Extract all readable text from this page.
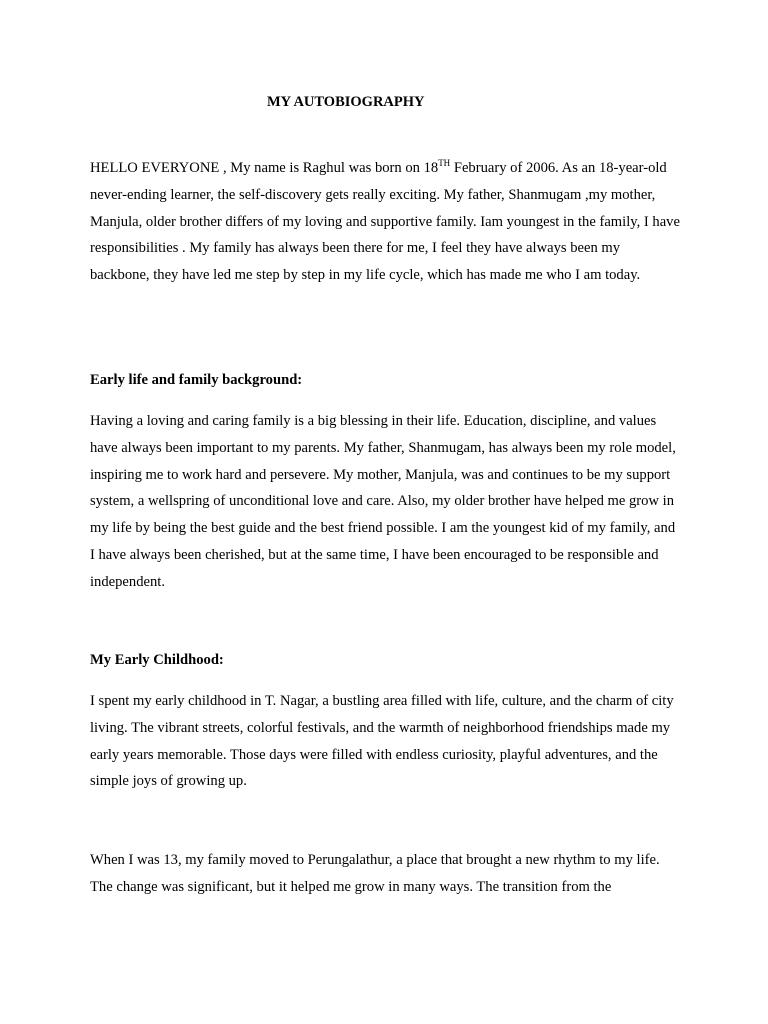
MY AUTOBIOGRAPHY

HELLO EVERYONE , My name is Raghul was born on 18TH February of 2006. As an 18-year-old never-ending learner, the self-discovery gets really exciting. My father, Shanmugam ,my mother, Manjula, older brother differs of my loving and supportive family. Iam youngest in the family, I have responsibilities . My family has always been there for me, I feel they have always been my backbone, they have led me step by step in my life cycle, which has made me who I am today.

Early life and family background:

Having a loving and caring family is a big blessing in their life. Education, discipline, and values have always been important to my parents. My father, Shanmugam, has always been my role model, inspiring me to work hard and persevere. My mother, Manjula, was and continues to be my support system, a wellspring of unconditional love and care. Also, my older brother have helped me grow in my life by being the best guide and the best friend possible. I am the youngest kid of my family, and I have always been cherished, but at the same time, I have been encouraged to be responsible and independent.

My Early Childhood:

I spent my early childhood in T. Nagar, a bustling area filled with life, culture, and the charm of city living. The vibrant streets, colorful festivals, and the warmth of neighborhood friendships made my early years memorable. Those days were filled with endless curiosity, playful adventures, and the simple joys of growing up.

When I was 13, my family moved to Perungalathur, a place that brought a new rhythm to my life. The change was significant, but it helped me grow in many ways. The transition from the
